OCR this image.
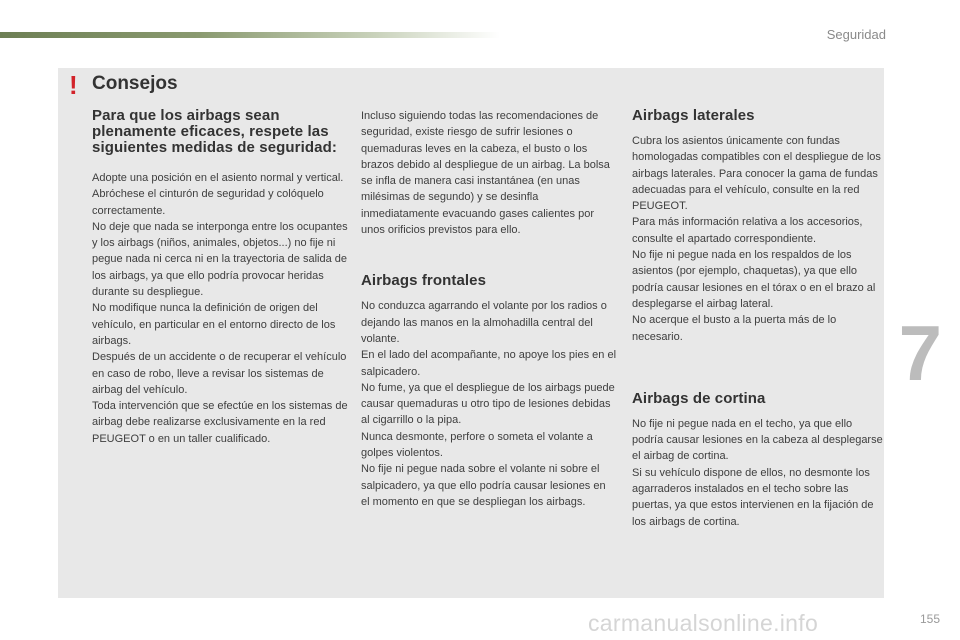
Seguridad
! Consejos
Para que los airbags sean plenamente eficaces, respete las siguientes medidas de seguridad:
Adopte una posición en el asiento normal y vertical.
Abróchese el cinturón de seguridad y colóquelo correctamente.
No deje que nada se interponga entre los ocupantes y los airbags (niños, animales, objetos...) no fije ni pegue nada ni cerca ni en la trayectoria de salida de los airbags, ya que ello podría provocar heridas durante su despliegue.
No modifique nunca la definición de origen del vehículo, en particular en el entorno directo de los airbags.
Después de un accidente o de recuperar el vehículo en caso de robo, lleve a revisar los sistemas de airbag del vehículo.
Toda intervención que se efectúe en los sistemas de airbag debe realizarse exclusivamente en la red PEUGEOT o en un taller cualificado.
Incluso siguiendo todas las recomendaciones de seguridad, existe riesgo de sufrir lesiones o quemaduras leves en la cabeza, el busto o los brazos debido al despliegue de un airbag. La bolsa se infla de manera casi instantánea (en unas milésimas de segundo) y se desinfla inmediatamente evacuando gases calientes por unos orificios previstos para ello.
Airbags frontales
No conduzca agarrando el volante por los radios o dejando las manos en la almohadilla central del volante.
En el lado del acompañante, no apoye los pies en el salpicadero.
No fume, ya que el despliegue de los airbags puede causar quemaduras u otro tipo de lesiones debidas al cigarrillo o la pipa.
Nunca desmonte, perfore o someta el volante a golpes violentos.
No fije ni pegue nada sobre el volante ni sobre el salpicadero, ya que ello podría causar lesiones en el momento en que se despliegan los airbags.
Airbags laterales
Cubra los asientos únicamente con fundas homologadas compatibles con el despliegue de los airbags laterales. Para conocer la gama de fundas adecuadas para el vehículo, consulte en la red PEUGEOT.
Para más información relativa a los accesorios, consulte el apartado correspondiente.
No fije ni pegue nada en los respaldos de los asientos (por ejemplo, chaquetas), ya que ello podría causar lesiones en el tórax o en el brazo al desplegarse el airbag lateral.
No acerque el busto a la puerta más de lo necesario.
Airbags de cortina
No fije ni pegue nada en el techo, ya que ello podría causar lesiones en la cabeza al desplegarse el airbag de cortina.
Si su vehículo dispone de ellos, no desmonte los agarraderos instalados en el techo sobre las puertas, ya que estos intervienen en la fijación de los airbags de cortina.
7
carmanualsonline.info	155
